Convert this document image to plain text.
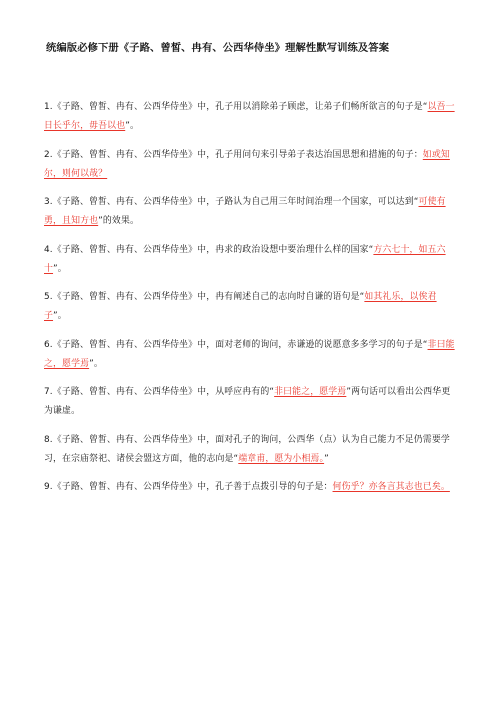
统编版必修下册《子路、曾皙、冉有、公西华侍坐》理解性默写训练及答案
1.《子路、曾皙、冉有、公西华侍坐》中，孔子用以消除弟子顾虑，让弟子们畅所欲言的句子是“以吾一日长乎尔，毋吾以也”。
2.《子路、曾皙、冉有、公西华侍坐》中，孔子用问句来引导弟子表达治国思想和措施的句子：如或知尔，则何以哉？
3.《子路、曾皙、冉有、公西华侍坐》中，子路认为自己用三年时间治理一个国家，可以达到“可使有勇，且知方也”的效果。
4.《子路、曾皙、冉有、公西华侍坐》中，冉求的政治设想中要治理什么样的国家“方六七十，如五六十”。
5.《子路、曾皙、冉有、公西华侍坐》中，冉有阐述自己的志向时自谦的语句是“如其礼乐，以俟君子”。
6.《子路、曾皙、冉有、公西华侍坐》中，面对老师的询问，赤谦逊的说愿意多多学习的句子是“非曰能之，愿学焉”。
7.《子路、曾皙、冉有、公西华侍坐》中，从呼应冉有的“非曰能之，愿学焉”两句话可以看出公西华更为谦虚。
8.《子路、曾皙、冉有、公西华侍坐》中，面对孔子的询问，公西华（点）认为自己能力不足仍需要学习，在宗庙祭祀、诸侯会盟这方面，他的志向是“端章甫，愿为小相焉。”
9.《子路、曾皙、冉有、公西华侍坐》中，孔子善于点拨引导的句子是：何伤乎？亦各言其志也已矣。
